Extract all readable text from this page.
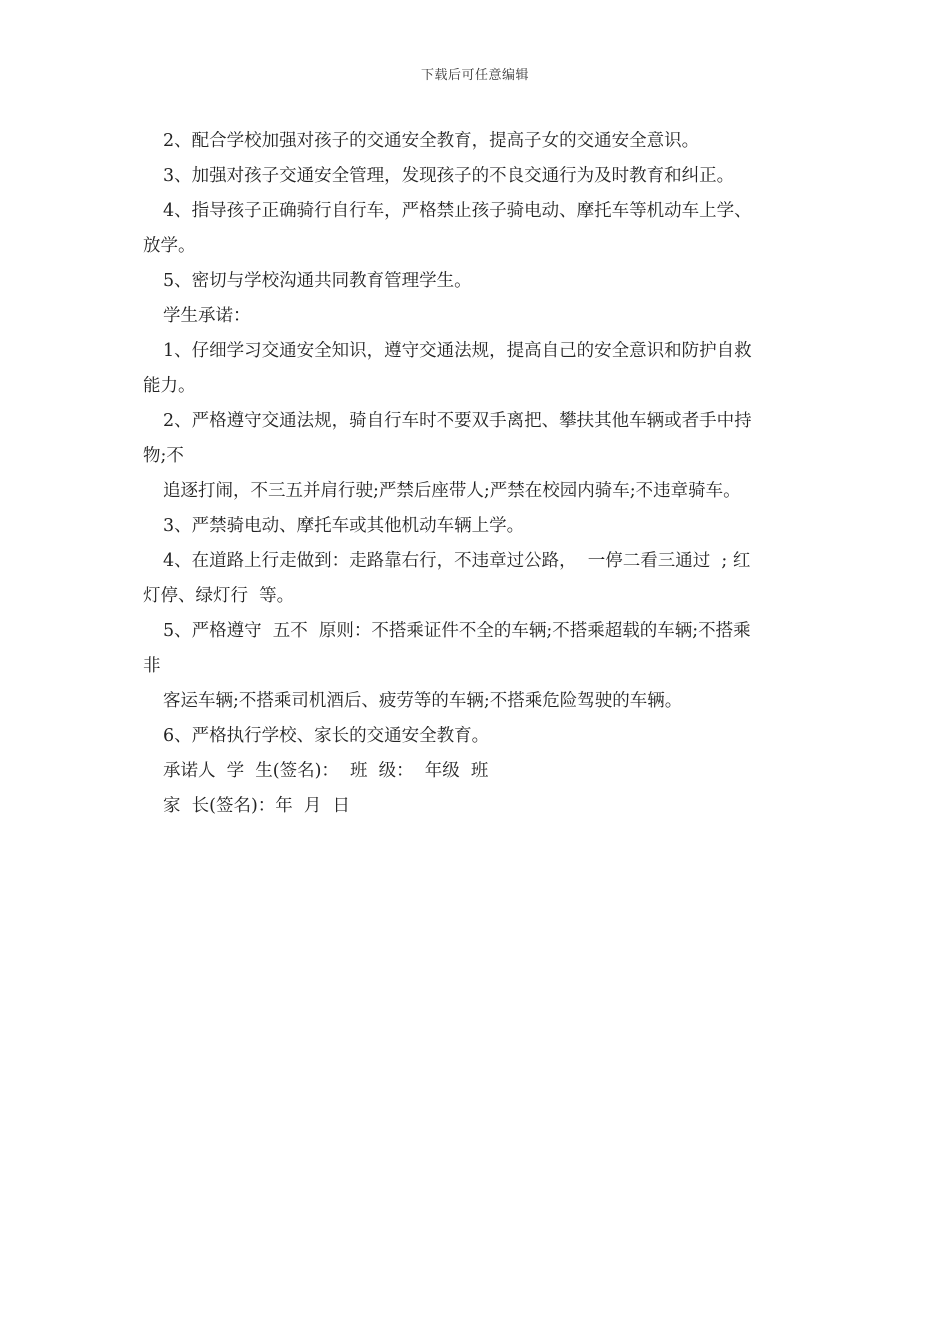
下载后可任意编辑

2、配合学校加强对孩子的交通安全教育，提高子女的交通安全意识。

3、加强对孩子交通安全管理，发现孩子的不良交通行为及时教育和纠正。

4、指导孩子正确骑行自行车，严格禁止孩子骑电动、摩托车等机动车上学、

放学。

5、密切与学校沟通共同教育管理学生。

学生承诺：

1、仔细学习交通安全知识，遵守交通法规，提高自己的安全意识和防护自救

能力。

2、严格遵守交通法规，骑自行车时不要双手离把、攀扶其他车辆或者手中持

物;不

追逐打闹，不三五并肩行驶;严禁后座带人;严禁在校园内骑车;不违章骑车。

3、严禁骑电动、摩托车或其他机动车辆上学。

4、在道路上行走做到：走路靠右行，不违章过公路，  一停二看三通过  ; 红

灯停、绿灯行  等。

5、严格遵守  五不  原则：不搭乘证件不全的车辆;不搭乘超载的车辆;不搭乘

非

客运车辆;不搭乘司机酒后、疲劳等的车辆;不搭乘危险驾驶的车辆。

6、严格执行学校、家长的交通安全教育。

承诺人  学  生(签名)：  班  级：  年级  班

家  长(签名)：年  月  日
